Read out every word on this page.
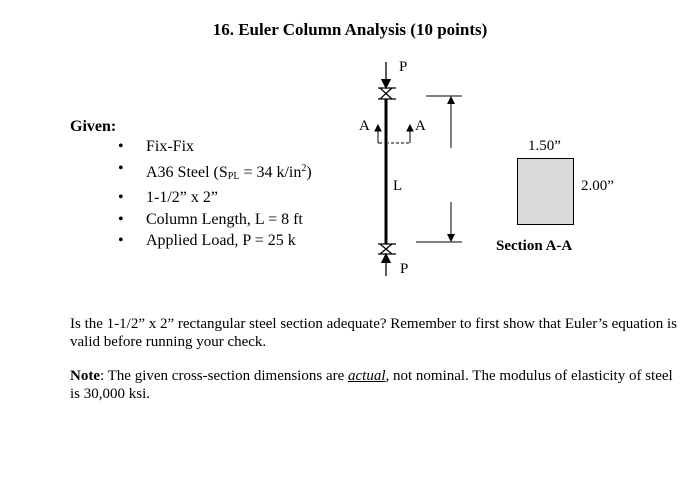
16. Euler Column Analysis (10 points)
Given:
• Fix-Fix
• A36 Steel ($S_{PL} = 34$ $k/in^2$)
• 1-1/2” x 2”
• Column Length, L = 8 ft
• Applied Load, P = 25 k
P
P
A	A
L
1.50”
2.00”
Section A-A
Is the 1-1/2” x 2” rectangular steel section adequate? Remember to first show that Euler’s equation is valid before running your check.
Note: The given cross-section dimensions are actual, not nominal. The modulus of elasticity of steel is 30,000 ksi.
